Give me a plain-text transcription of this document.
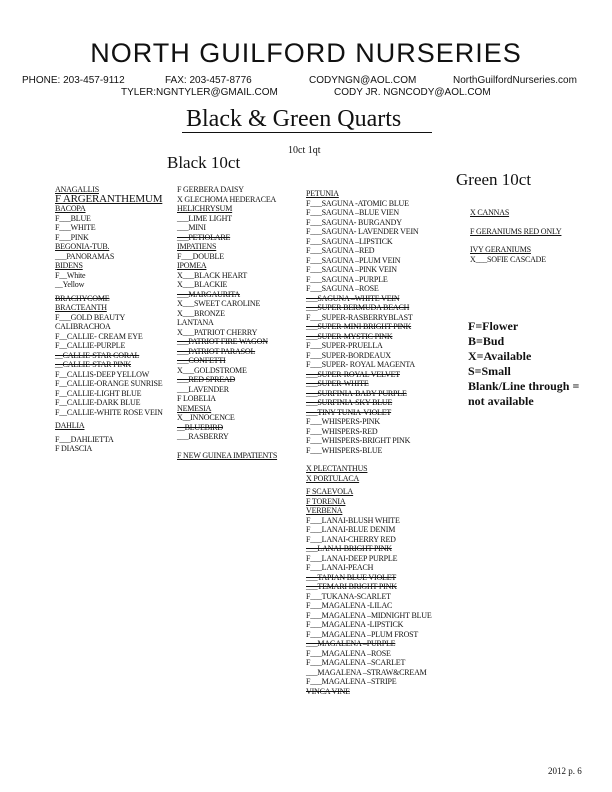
NORTH GUILFORD NURSERIES
PHONE: 203-457-9112	FAX: 203-457-8776	CODYNGN@AOL.COM	NorthGuilfordNurseries.com
TYLER:NGNTYLER@GMAIL.COM	CODY JR. NGNCODY@AOL.COM
Black & Green Quarts
10ct 1qt
Black 10ct
Green 10ct
ANAGALLIS
F ARGERANTHEMUM
BACOPA
F___BLUE
F___WHITE
F___PINK
BEGONIA-TUB.
___PANORAMAS
BIDENS
F__White
__Yellow
BRACHYCOME
BRACTEANTH
F___GOLD BEAUTY
CALIBRACHOA
F__CALLIE- CREAM EYE
F__CALLIE-PURPLE
__CALLIE-STAR CORAL
__CALLIE-STAR PINK
F__CALLIS-DEEP YELLOW
F__CALLIE-ORANGE SUNRISE
F__CALLIE-LIGHT BLUE
F__CALLIE-DARK BLUE
F__CALLIE-WHITE ROSE VEIN
DAHLIA
F___DAHLIETTA
F DIASCIA
F GERBERA DAISY
X GLECHOMA HEDERACEA
HELICHRYSUM
___LIME LIGHT
___MINI
___PETIOLARE
IMPATIENS
F___DOUBLE
IPOMEA
X___BLACK HEART
X___BLACKIE
___MARGAURITA
X___SWEET CAROLINE
X___BRONZE
LANTANA
X___PATRIOT CHERRY
___PATRIOT FIRE WAGON
___PATRIOT PARASOL
___CONFETTI
X___GOLDSTROME
___RED SPREAD
___LAVENDER
F LOBELIA
NEMESIA
X__INNOCENCE
__BLUEBIRD
___RASBERRY
F NEW GUINEA IMPATIENTS
PETUNIA
F___SAGUNA -ATOMIC BLUE
F___SAGUNA –BLUE VIEN
F___SAGUNA- BURGANDY
F___SAGUNA- LAVENDER VEIN
F___SAGUNA –LIPSTICK
F___SAGUNA –RED
F___SAGUNA –PLUM VEIN
F___SAGUNA –PINK VEIN
F___SAGUNA –PURPLE
F___SAGUNA –ROSE
___SAGUNA –WHITE VEIN
___SUPER BERMUDA BEACH
F___SUPER-RASBERRYBLAST
___SUPER-MINI BRIGHT PINK
___SUPER-MYSTIC PINK
F___SUPER-PRUELLA
F___SUPER-BORDEAUX
F___SUPER- ROYAL MAGENTA
___SUPER-ROYAL VELVET
___SUPER-WHITE
___SURFINIA-BABY PURPLE
___SURFINIA-SKY BLUE
___TINY TUNIA-VIOLET
F___WHISPERS-PINK
F___WHISPERS-RED
F___WHISPERS-BRIGHT PINK
F___WHISPERS-BLUE
X PLECTANTHUS
X PORTULACA
F SCAEVOLA
F TORENIA
VERBENA
F___LANAI-BLUSH WHITE
F___LANAI-BLUE DENIM
F___LANAI-CHERRY RED
___LANAI-BRIGHT PINK
F___LANAI-DEEP PURPLE
F___LANAI-PEACH
___TAPIAN BLUE VIOLET
___TEMARI BRIGHT PINK
F___TUKANA-SCARLET
F___MAGALENA -LILAC
F___MAGALENA –MIDNIGHT BLUE
F___MAGALENA -LIPSTICK
F___MAGALENA –PLUM FROST
___MAGALENA –PURPLE
F___MAGALENA –ROSE
F___MAGALENA –SCARLET
___MAGALENA –STRAW&CREAM
F___MAGALENA –STRIPE
VINCA VINE
X CANNAS
F GERANIUMS RED ONLY
IVY GERANIUMS
X___SOFIE CASCADE
F=Flower
B=Bud
X=Available
S=Small
Blank/Line through =
not available
2012 p. 6
